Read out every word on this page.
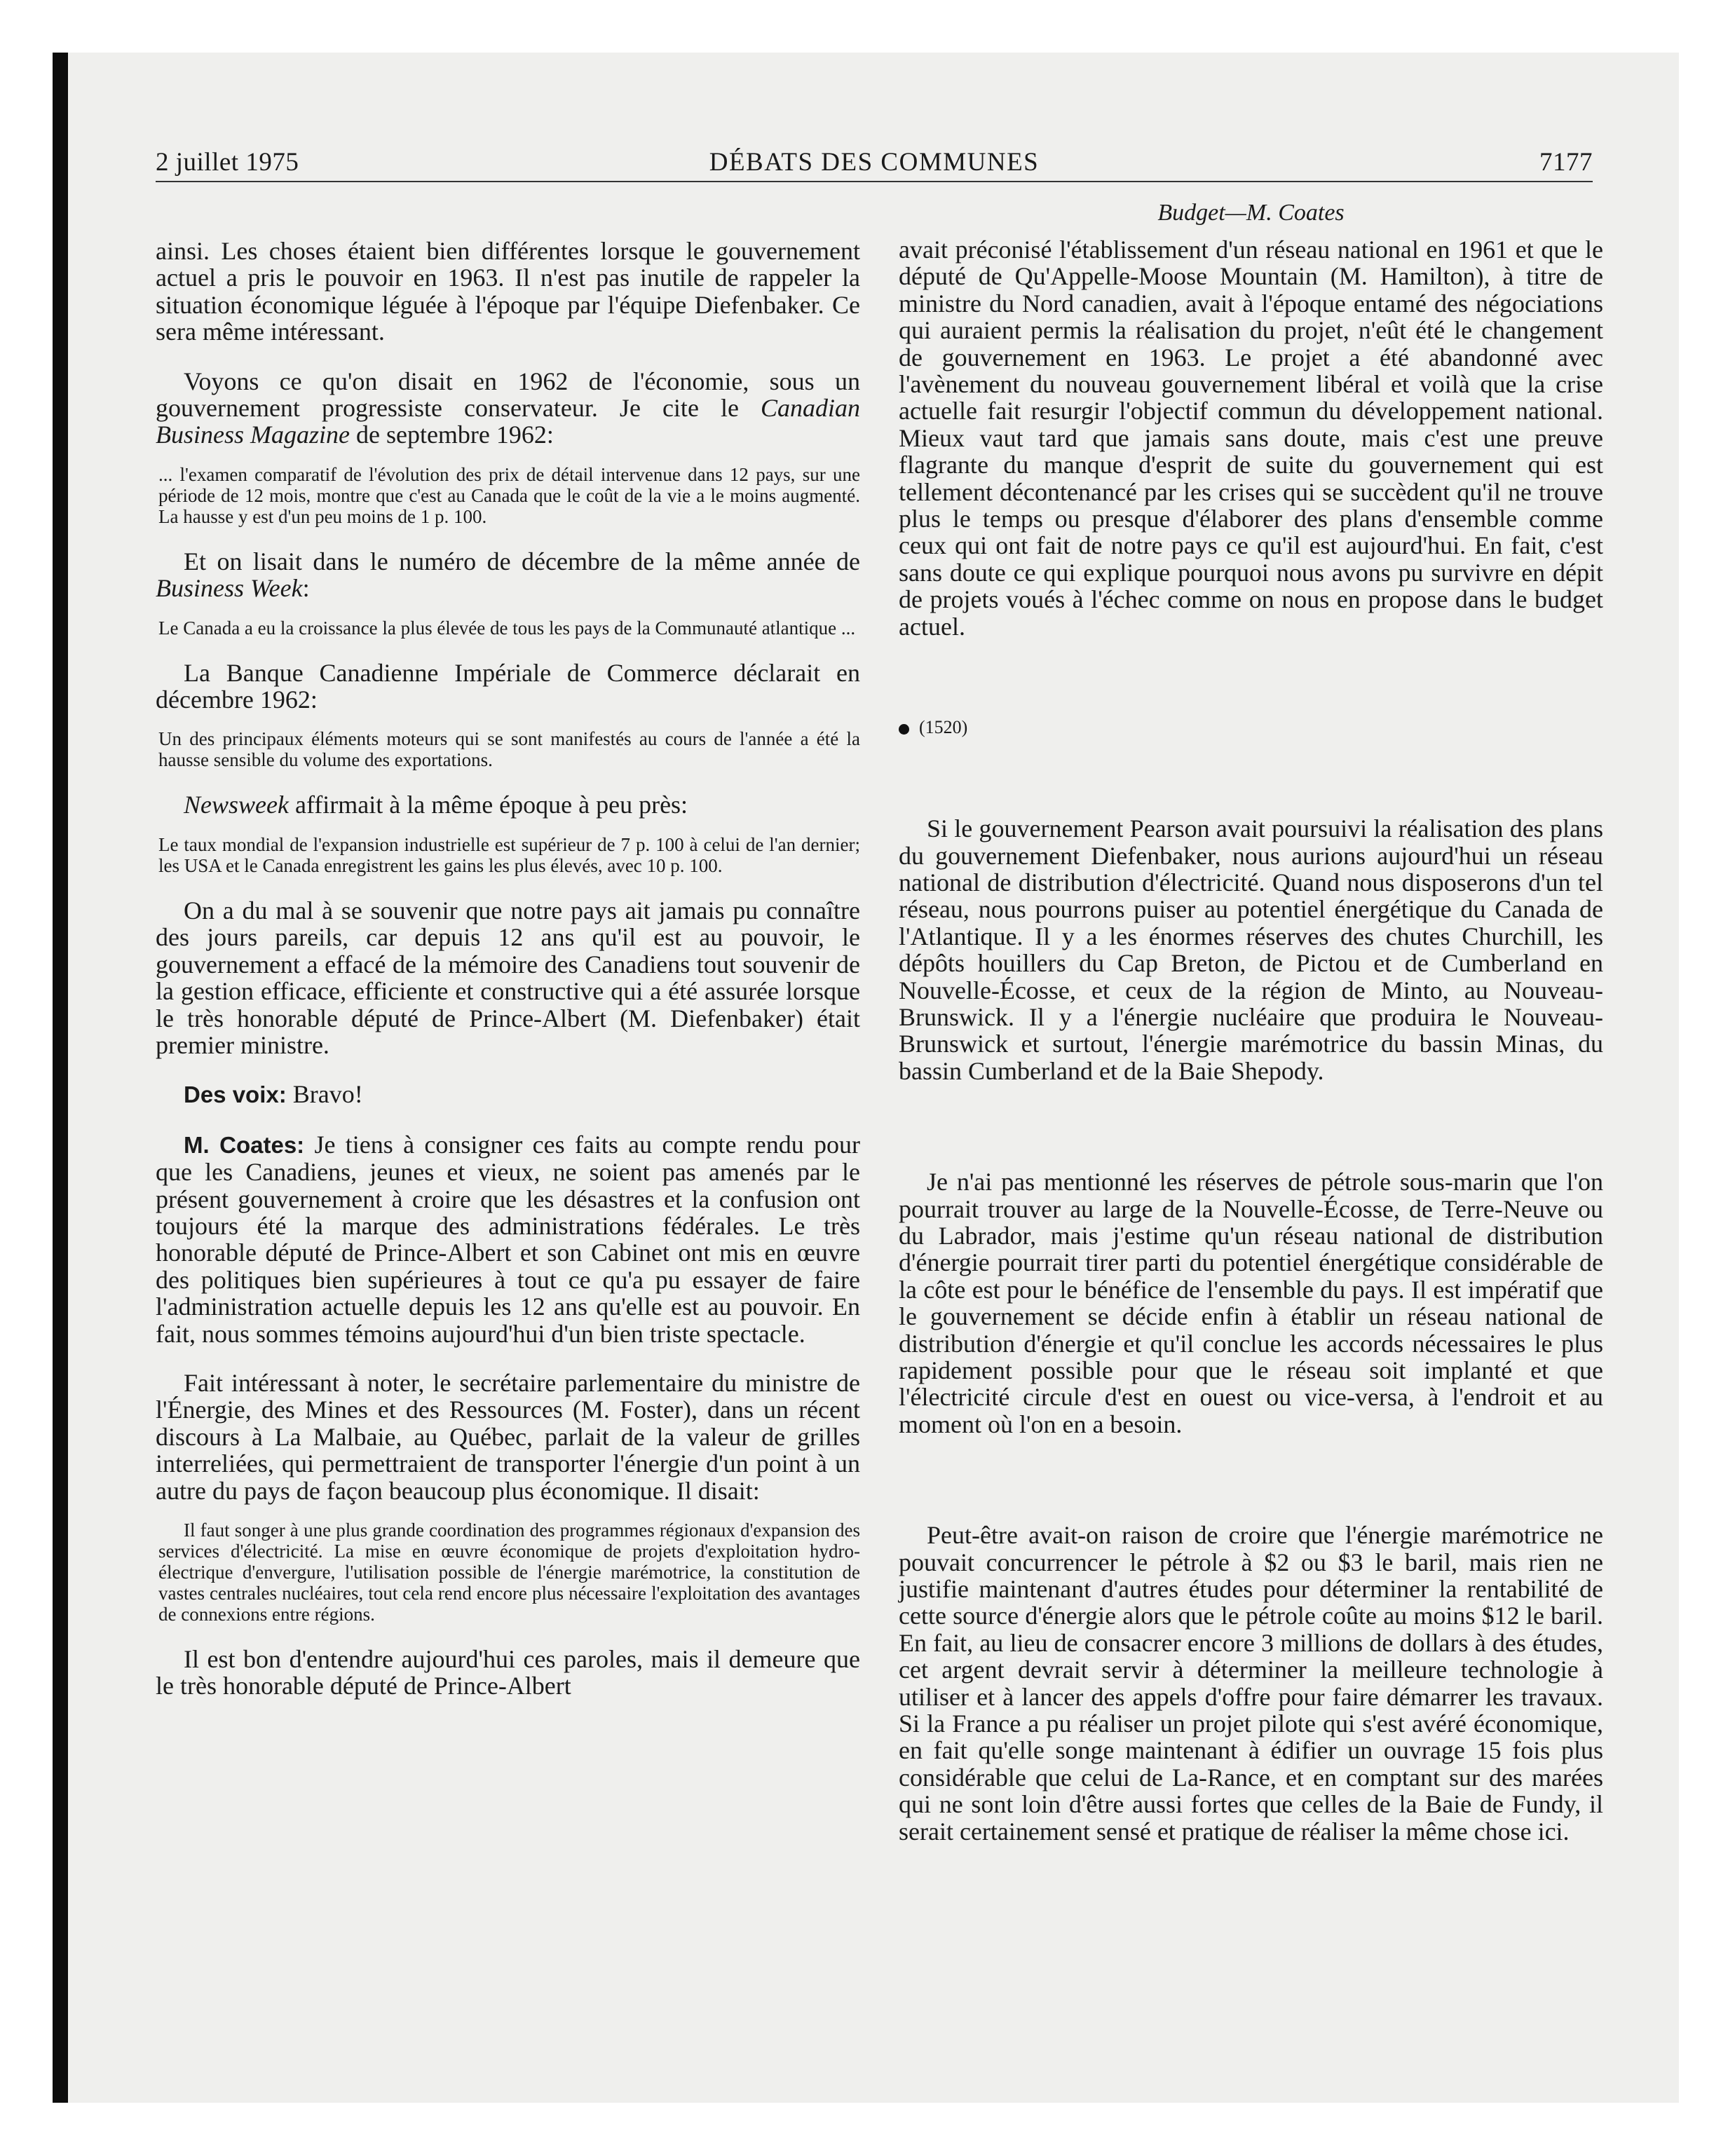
2 juillet 1975	DÉBATS DES COMMUNES	7177

ainsi. Les choses étaient bien différentes lorsque le gouvernement actuel a pris le pouvoir en 1963. Il n'est pas inutile de rappeler la situation économique léguée à l'époque par l'équipe Diefenbaker. Ce sera même intéressant.

Voyons ce qu'on disait en 1962 de l'économie, sous un gouvernement progressiste conservateur. Je cite le Canadian Business Magazine de septembre 1962:

... l'examen comparatif de l'évolution des prix de détail intervenue dans 12 pays, sur une période de 12 mois, montre que c'est au Canada que le coût de la vie a le moins augmenté. La hausse y est d'un peu moins de 1 p. 100.

Et on lisait dans le numéro de décembre de la même année de Business Week:

Le Canada a eu la croissance la plus élevée de tous les pays de la Communauté atlantique ...

La Banque Canadienne Impériale de Commerce déclarait en décembre 1962:

Un des principaux éléments moteurs qui se sont manifestés au cours de l'année a été la hausse sensible du volume des exportations.

Newsweek affirmait à la même époque à peu près:

Le taux mondial de l'expansion industrielle est supérieur de 7 p. 100 à celui de l'an dernier; les USA et le Canada enregistrent les gains les plus élevés, avec 10 p. 100.

On a du mal à se souvenir que notre pays ait jamais pu connaître des jours pareils, car depuis 12 ans qu'il est au pouvoir, le gouvernement a effacé de la mémoire des Canadiens tout souvenir de la gestion efficace, efficiente et constructive qui a été assurée lorsque le très honorable député de Prince-Albert (M. Diefenbaker) était premier ministre.

Des voix: Bravo!

M. Coates: Je tiens à consigner ces faits au compte rendu pour que les Canadiens, jeunes et vieux, ne soient pas amenés par le présent gouvernement à croire que les désastres et la confusion ont toujours été la marque des administrations fédérales. Le très honorable député de Prince-Albert et son Cabinet ont mis en œuvre des politiques bien supérieures à tout ce qu'a pu essayer de faire l'administration actuelle depuis les 12 ans qu'elle est au pouvoir. En fait, nous sommes témoins aujourd'hui d'un bien triste spectacle.

Fait intéressant à noter, le secrétaire parlementaire du ministre de l'Énergie, des Mines et des Ressources (M. Foster), dans un récent discours à La Malbaie, au Québec, parlait de la valeur de grilles interreliées, qui permettraient de transporter l'énergie d'un point à un autre du pays de façon beaucoup plus économique. Il disait:

Il faut songer à une plus grande coordination des programmes régionaux d'expansion des services d'électricité. La mise en œuvre économique de projets d'exploitation hydro-électrique d'envergure, l'utilisation possible de l'énergie marémotrice, la constitution de vastes centrales nucléaires, tout cela rend encore plus nécessaire l'exploitation des avantages de connexions entre régions.

Il est bon d'entendre aujourd'hui ces paroles, mais il demeure que le très honorable député de Prince-Albert

Budget—M. Coates

avait préconisé l'établissement d'un réseau national en 1961 et que le député de Qu'Appelle-Moose Mountain (M. Hamilton), à titre de ministre du Nord canadien, avait à l'époque entamé des négociations qui auraient permis la réalisation du projet, n'eût été le changement de gouvernement en 1963. Le projet a été abandonné avec l'avènement du nouveau gouvernement libéral et voilà que la crise actuelle fait resurgir l'objectif commun du développement national. Mieux vaut tard que jamais sans doute, mais c'est une preuve flagrante du manque d'esprit de suite du gouvernement qui est tellement décontenancé par les crises qui se succèdent qu'il ne trouve plus le temps ou presque d'élaborer des plans d'ensemble comme ceux qui ont fait de notre pays ce qu'il est aujourd'hui. En fait, c'est sans doute ce qui explique pourquoi nous avons pu survivre en dépit de projets voués à l'échec comme on nous en propose dans le budget actuel.

(1520)

Si le gouvernement Pearson avait poursuivi la réalisation des plans du gouvernement Diefenbaker, nous aurions aujourd'hui un réseau national de distribution d'électricité. Quand nous disposerons d'un tel réseau, nous pourrons puiser au potentiel énergétique du Canada de l'Atlantique. Il y a les énormes réserves des chutes Churchill, les dépôts houillers du Cap Breton, de Pictou et de Cumberland en Nouvelle-Écosse, et ceux de la région de Minto, au Nouveau-Brunswick. Il y a l'énergie nucléaire que produira le Nouveau-Brunswick et surtout, l'énergie marémotrice du bassin Minas, du bassin Cumberland et de la Baie Shepody.

Je n'ai pas mentionné les réserves de pétrole sous-marin que l'on pourrait trouver au large de la Nouvelle-Écosse, de Terre-Neuve ou du Labrador, mais j'estime qu'un réseau national de distribution d'énergie pourrait tirer parti du potentiel énergétique considérable de la côte est pour le bénéfice de l'ensemble du pays. Il est impératif que le gouvernement se décide enfin à établir un réseau national de distribution d'énergie et qu'il conclue les accords nécessaires le plus rapidement possible pour que le réseau soit implanté et que l'électricité circule d'est en ouest ou vice-versa, à l'endroit et au moment où l'on en a besoin.

Peut-être avait-on raison de croire que l'énergie marémotrice ne pouvait concurrencer le pétrole à $2 ou $3 le baril, mais rien ne justifie maintenant d'autres études pour déterminer la rentabilité de cette source d'énergie alors que le pétrole coûte au moins $12 le baril. En fait, au lieu de consacrer encore 3 millions de dollars à des études, cet argent devrait servir à déterminer la meilleure technologie à utiliser et à lancer des appels d'offre pour faire démarrer les travaux. Si la France a pu réaliser un projet pilote qui s'est avéré économique, en fait qu'elle songe maintenant à édifier un ouvrage 15 fois plus considérable que celui de La-Rance, et en comptant sur des marées qui ne sont loin d'être aussi fortes que celles de la Baie de Fundy, il serait certainement sensé et pratique de réaliser la même chose ici.
